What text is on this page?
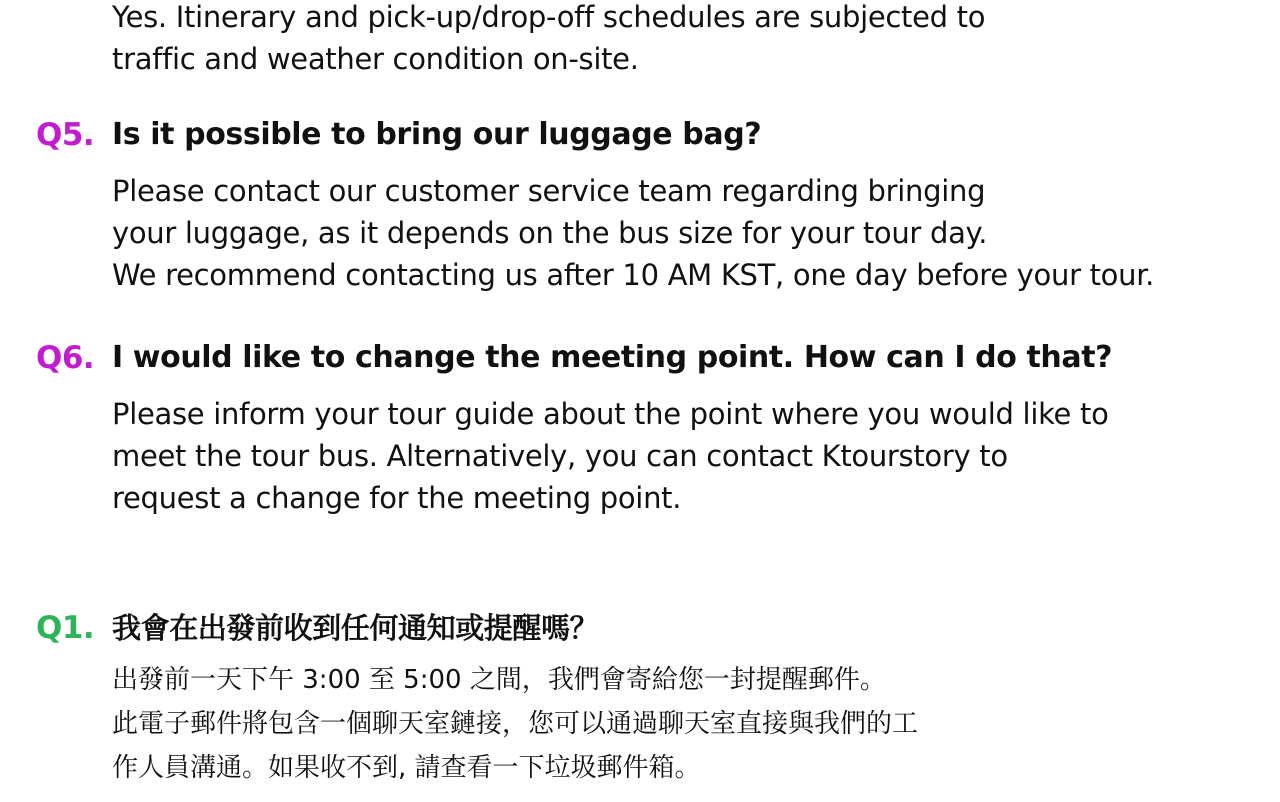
Yes. Itinerary and pick-up/drop-off schedules are subjected to
traffic and weather condition on-site.
Q5. Is it possible to bring our luggage bag?
Please contact our customer service team regarding bringing
your luggage, as it depends on the bus size for your tour day.
We recommend contacting us after 10 AM KST, one day before your tour.
Q6. I would like to change the meeting point. How can I do that?
Please inform your tour guide about the point where you would like to
meet the tour bus. Alternatively, you can contact Ktourstory to
request a change for the meeting point.
Q1. 我會在出發前收到任何通知或提醒嗎？
出發前一天下午 3:00 至 5:00 之間，我們會寄給您一封提醒郵件。
此電子郵件將包含一個聊天室鏈接，您可以通過聊天室直接與我們的工
作人員溝通。如果收不到, 請查看一下垃圾郵件箱。
